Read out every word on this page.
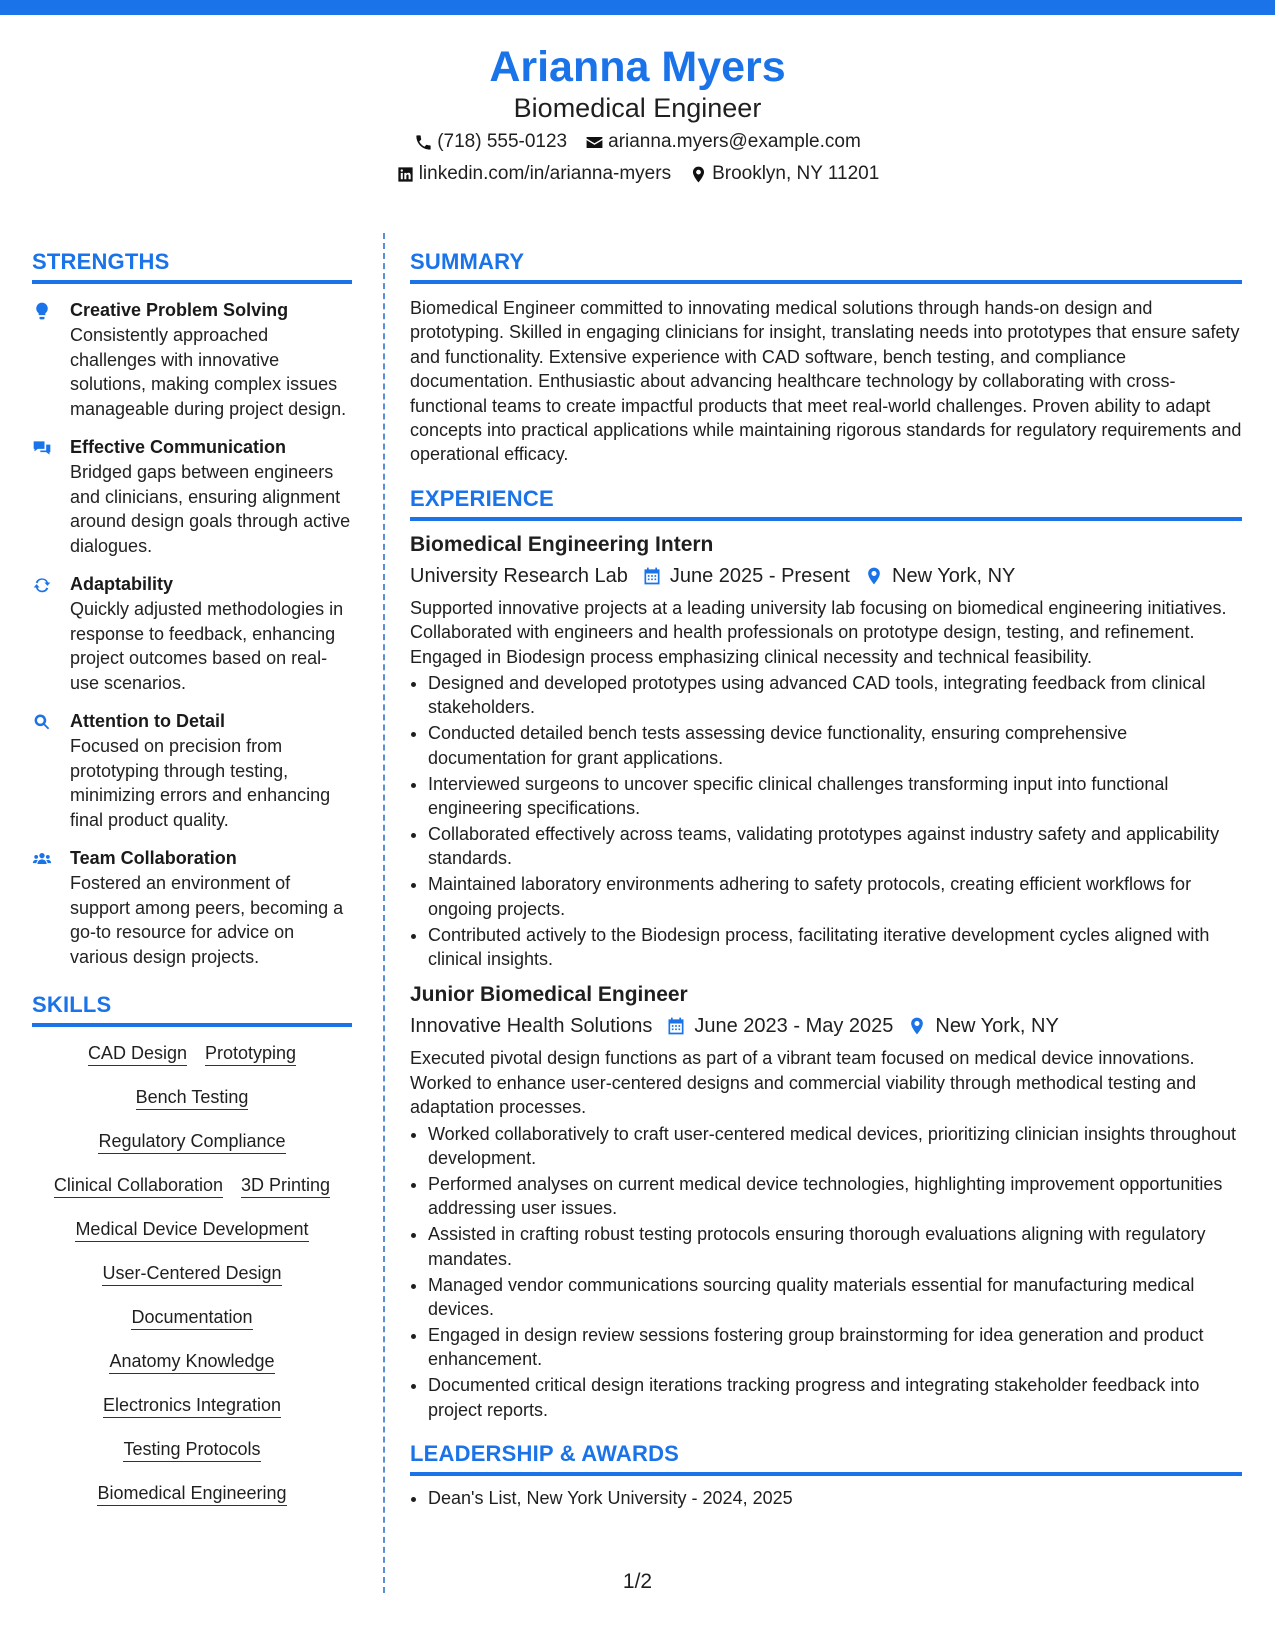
Arianna Myers
Biomedical Engineer
(718) 555-0123 arianna.myers@example.com
linkedin.com/in/arianna-myers Brooklyn, NY 11201
STRENGTHS
Creative Problem Solving
Consistently approached challenges with innovative solutions, making complex issues manageable during project design.
Effective Communication
Bridged gaps between engineers and clinicians, ensuring alignment around design goals through active dialogues.
Adaptability
Quickly adjusted methodologies in response to feedback, enhancing project outcomes based on real-use scenarios.
Attention to Detail
Focused on precision from prototyping through testing, minimizing errors and enhancing final product quality.
Team Collaboration
Fostered an environment of support among peers, becoming a go-to resource for advice on various design projects.
SKILLS
CAD Design Prototyping
Bench Testing
Regulatory Compliance
Clinical Collaboration 3D Printing
Medical Device Development
User-Centered Design
Documentation
Anatomy Knowledge
Electronics Integration
Testing Protocols
Biomedical Engineering
SUMMARY
Biomedical Engineer committed to innovating medical solutions through hands-on design and prototyping. Skilled in engaging clinicians for insight, translating needs into prototypes that ensure safety and functionality. Extensive experience with CAD software, bench testing, and compliance documentation. Enthusiastic about advancing healthcare technology by collaborating with cross-functional teams to create impactful products that meet real-world challenges. Proven ability to adapt concepts into practical applications while maintaining rigorous standards for regulatory requirements and operational efficacy.
EXPERIENCE
Biomedical Engineering Intern
University Research Lab June 2025 - Present New York, NY
Supported innovative projects at a leading university lab focusing on biomedical engineering initiatives. Collaborated with engineers and health professionals on prototype design, testing, and refinement. Engaged in Biodesign process emphasizing clinical necessity and technical feasibility.
• Designed and developed prototypes using advanced CAD tools, integrating feedback from clinical stakeholders.
• Conducted detailed bench tests assessing device functionality, ensuring comprehensive documentation for grant applications.
• Interviewed surgeons to uncover specific clinical challenges transforming input into functional engineering specifications.
• Collaborated effectively across teams, validating prototypes against industry safety and applicability standards.
• Maintained laboratory environments adhering to safety protocols, creating efficient workflows for ongoing projects.
• Contributed actively to the Biodesign process, facilitating iterative development cycles aligned with clinical insights.
Junior Biomedical Engineer
Innovative Health Solutions June 2023 - May 2025 New York, NY
Executed pivotal design functions as part of a vibrant team focused on medical device innovations. Worked to enhance user-centered designs and commercial viability through methodical testing and adaptation processes.
• Worked collaboratively to craft user-centered medical devices, prioritizing clinician insights throughout development.
• Performed analyses on current medical device technologies, highlighting improvement opportunities addressing user issues.
• Assisted in crafting robust testing protocols ensuring thorough evaluations aligning with regulatory mandates.
• Managed vendor communications sourcing quality materials essential for manufacturing medical devices.
• Engaged in design review sessions fostering group brainstorming for idea generation and product enhancement.
• Documented critical design iterations tracking progress and integrating stakeholder feedback into project reports.
LEADERSHIP & AWARDS
• Dean's List, New York University - 2024, 2025
1/2
